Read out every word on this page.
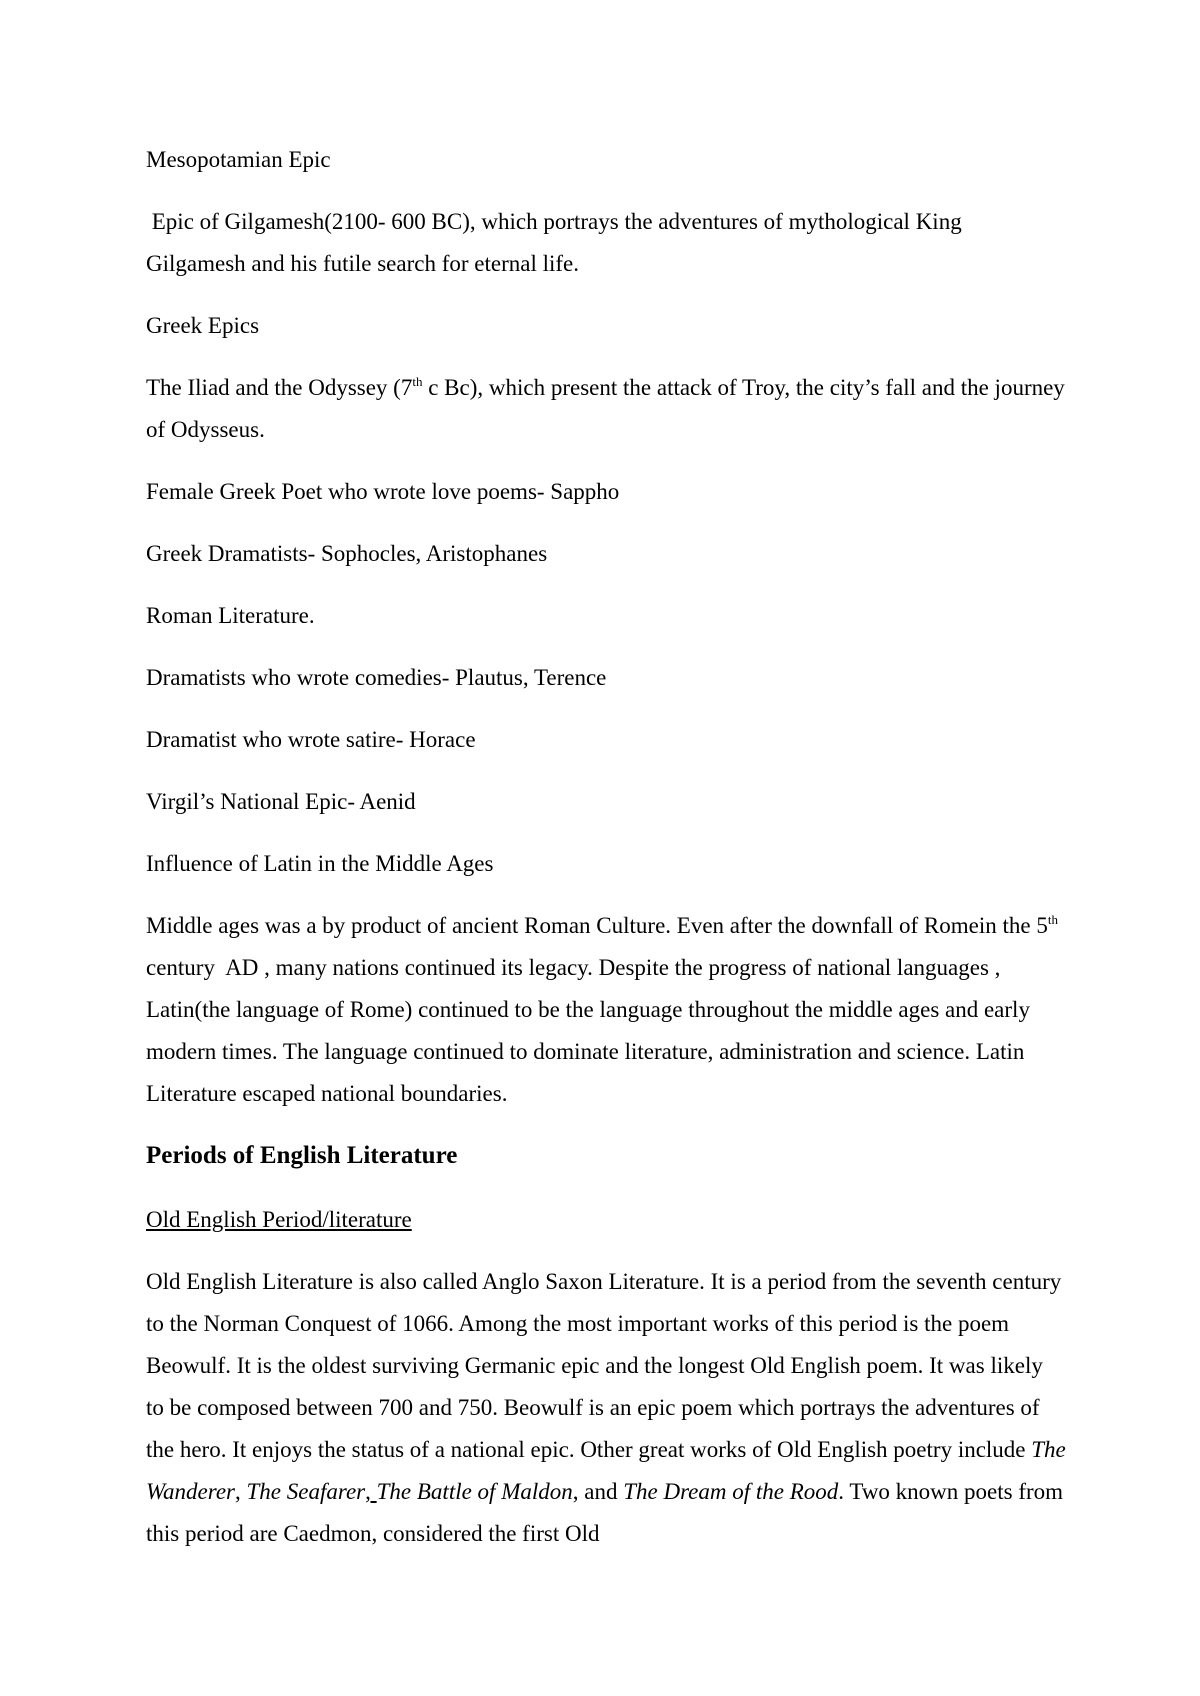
Mesopotamian Epic

Epic of Gilgamesh(2100- 600 BC), which portrays the adventures of mythological King Gilgamesh and his futile search for eternal life.

Greek Epics

The Iliad and the Odyssey (7th c Bc), which present the attack of Troy, the city’s fall and the journey of Odysseus.

Female Greek Poet who wrote love poems- Sappho

Greek Dramatists- Sophocles, Aristophanes

Roman Literature.

Dramatists who wrote comedies- Plautus, Terence

Dramatist who wrote satire- Horace

Virgil’s National Epic- Aenid

Influence of Latin in the Middle Ages

Middle ages was a by product of ancient Roman Culture. Even after the downfall of Romein the 5th century  AD , many nations continued its legacy. Despite the progress of national languages , Latin(the language of Rome) continued to be the language throughout the middle ages and early modern times. The language continued to dominate literature, administration and science. Latin Literature escaped national boundaries.

Periods of English Literature

Old English Period/literature

Old English Literature is also called Anglo Saxon Literature. It is a period from the seventh century to the Norman Conquest of 1066. Among the most important works of this period is the poem Beowulf. It is the oldest surviving Germanic epic and the longest Old English poem. It was likely to be composed between 700 and 750. Beowulf is an epic poem which portrays the adventures of the hero. It enjoys the status of a national epic. Other great works of Old English poetry include The Wanderer, The Seafarer, The Battle of Maldon, and The Dream of the Rood. Two known poets from this period are Caedmon, considered the first Old
